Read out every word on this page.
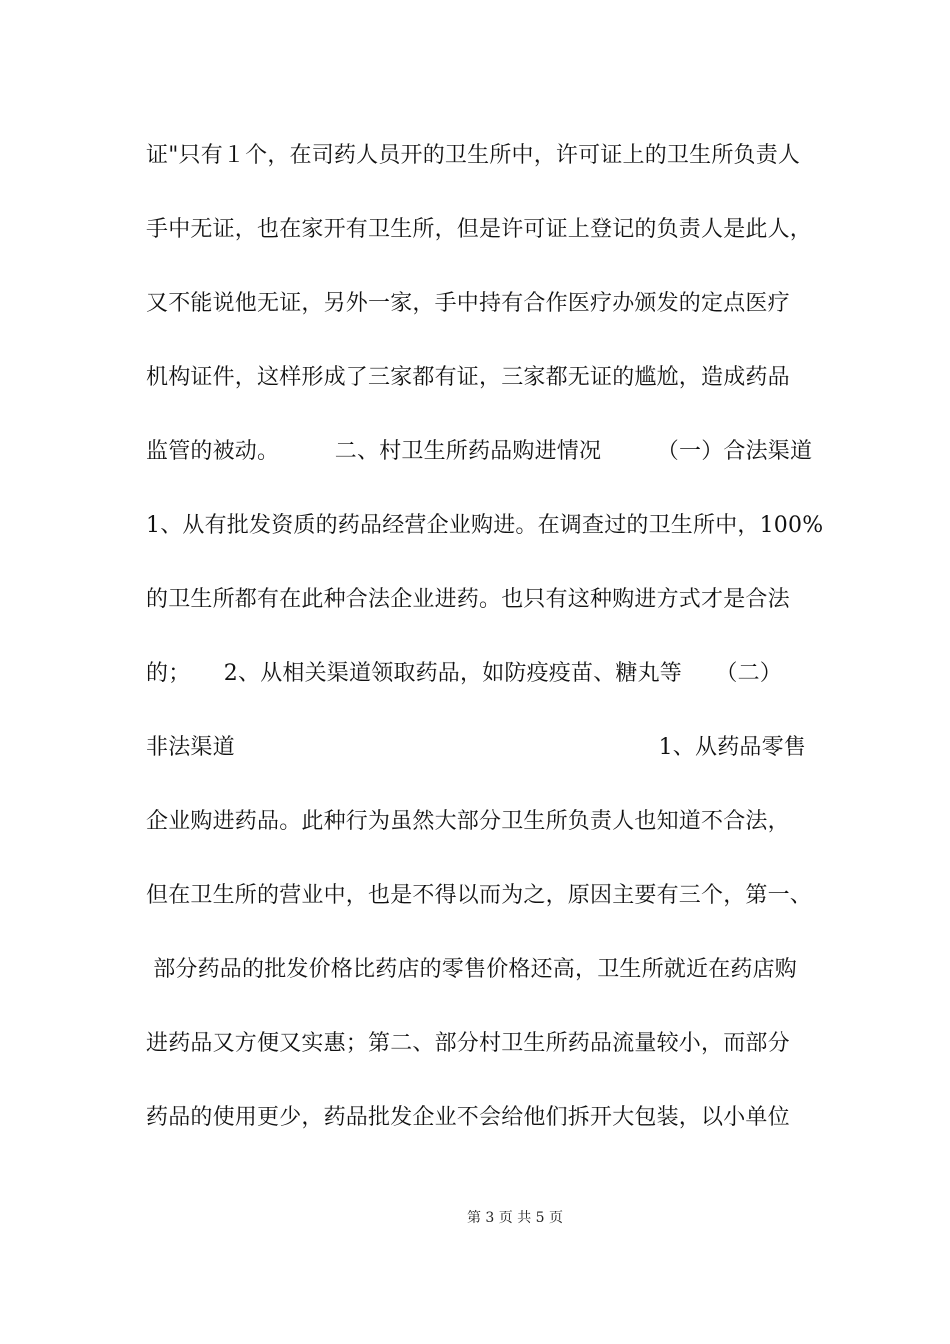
证"只有１个，在司药人员开的卫生所中，许可证上的卫生所负责人
手中无证，也在家开有卫生所，但是许可证上登记的负责人是此人，
又不能说他无证，另外一家，手中持有合作医疗办颁发的定点医疗
机构证件，这样形成了三家都有证，三家都无证的尴尬，造成药品
监管的被动。　　　二、村卫生所药品购进情况　　　（一）合法渠道
1、从有批发资质的药品经营企业购进。在调查过的卫生所中，100%
的卫生所都有在此种合法企业进药。也只有这种购进方式才是合法
的；　　2、从相关渠道领取药品，如防疫疫苗、糖丸等　　（二）
非法渠道	1、从药品零售
企业购进药品。此种行为虽然大部分卫生所负责人也知道不合法，
但在卫生所的营业中，也是不得以而为之，原因主要有三个，第一、
部分药品的批发价格比药店的零售价格还高，卫生所就近在药店购
进药品又方便又实惠；第二、部分村卫生所药品流量较小，而部分
药品的使用更少，药品批发企业不会给他们拆开大包装，以小单位
第 3 页 共 5 页
